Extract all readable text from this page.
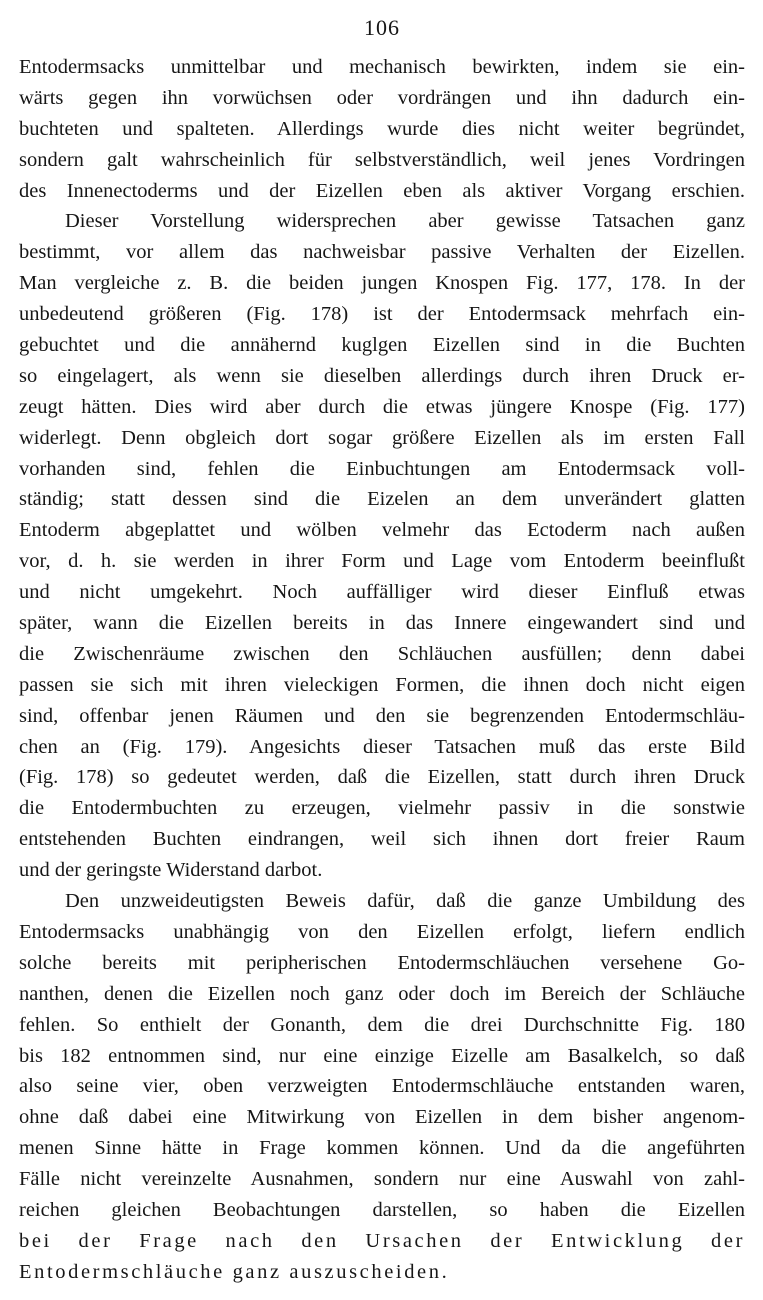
106
Entodermsacks unmittelbar und mechanisch bewirkten, indem sie ein-
wärts gegen ihn vorwüchsen oder vordrängen und ihn dadurch ein-
buchteten und spalteten. Allerdings wurde dies nicht weiter begründet,
sondern galt wahrscheinlich für selbstverständlich, weil jenes Vordringen
des Innenectoderms und der Eizellen eben als aktiver Vorgang erschien.
Dieser Vorstellung widersprechen aber gewisse Tatsachen ganz
bestimmt, vor allem das nachweisbar passive Verhalten der Eizellen.
Man vergleiche z. B. die beiden jungen Knospen Fig. 177, 178. In der
unbedeutend größeren (Fig. 178) ist der Entodermsack mehrfach ein-
gebuchtet und die annähernd kuglgen Eizellen sind in die Buchten
so eingelagert, als wenn sie dieselben allerdings durch ihren Druck er-
zeugt hätten. Dies wird aber durch die etwas jüngere Knospe (Fig. 177)
widerlegt. Denn obgleich dort sogar größere Eizellen als im ersten Fall
vorhanden sind, fehlen die Einbuchtungen am Entodermsack voll-
ständig; statt dessen sind die Eizelen an dem unverändert glatten
Entoderm abgeplattet und wölben velmehr das Ectoderm nach außen
vor, d. h. sie werden in ihrer Form und Lage vom Entoderm beeinflußt
und nicht umgekehrt. Noch auffälliger wird dieser Einfluß etwas
später, wann die Eizellen bereits in das Innere eingewandert sind und
die Zwischenräume zwischen den Schläuchen ausfüllen; denn dabei
passen sie sich mit ihren vieleckigen Formen, die ihnen doch nicht eigen
sind, offenbar jenen Räumen und den sie begrenzenden Entodermschläu-
chen an (Fig. 179). Angesichts dieser Tatsachen muß das erste Bild
(Fig. 178) so gedeutet werden, daß die Eizellen, statt durch ihren Druck
die Entodermbuchten zu erzeugen, vielmehr passiv in die sonstwie
entstehenden Buchten eindrangen, weil sich ihnen dort freier Raum
und der geringste Widerstand darbot.
Den unzweideutigsten Beweis dafür, daß die ganze Umbildung des
Entodermsacks unabhängig von den Eizellen erfolgt, liefern endlich
solche bereits mit peripherischen Entodermschläuchen versehene Go-
nanthen, denen die Eizellen noch ganz oder doch im Bereich der Schläuche
fehlen. So enthielt der Gonanth, dem die drei Durchschnitte Fig. 180
bis 182 entnommen sind, nur eine einzige Eizelle am Basalkelch, so daß
also seine vier, oben verzweigten Entodermschläuche entstanden waren,
ohne daß dabei eine Mitwirkung von Eizellen in dem bisher angenom-
menen Sinne hätte in Frage kommen können. Und da die angeführten
Fälle nicht vereinzelte Ausnahmen, sondern nur eine Auswahl von zahl-
reichen gleichen Beobachtungen darstellen, so haben die Eizellen
bei der Frage nach den Ursachen der Entwicklung der
Entodermschläuche ganz auszuscheiden.
